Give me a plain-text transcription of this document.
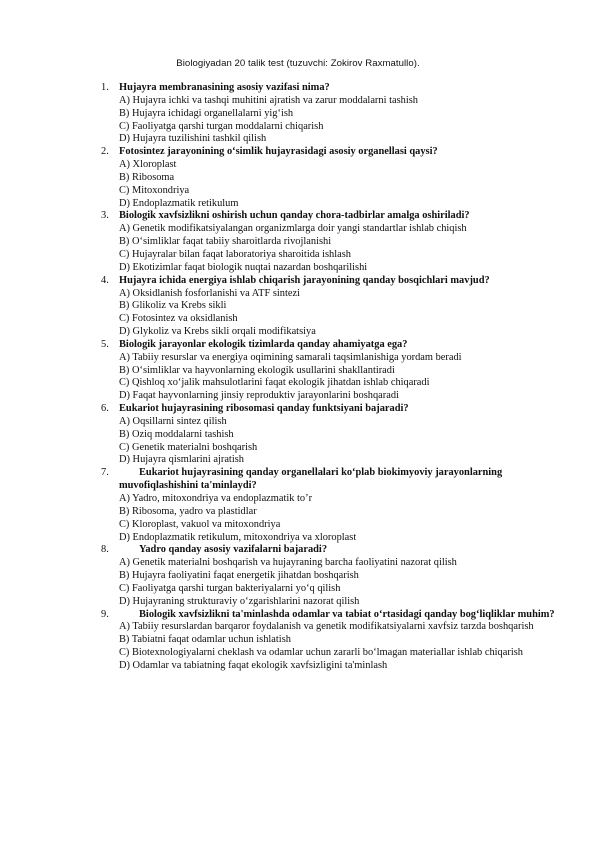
Biologiyadan 20 talik test (tuzuvchi: Zokirov Raxmatullo).
1. Hujayra membranasining asosiy vazifasi nima?
A) Hujayra ichki va tashqi muhitini ajratish va zarur moddalarni tashish
B) Hujayra ichidagi organellalarni yig‘ish
C) Faoliyatga qarshi turgan moddalarni chiqarish
D) Hujayra tuzilishini tashkil qilish
2. Fotosintez jarayonining o‘simlik hujayrasidagi asosiy organellasi qaysi?
A) Xloroplast
B) Ribosoma
C) Mitoxondriya
D) Endoplazmatik retikulum
3. Biologik xavfsizlikni oshirish uchun qanday chora-tadbirlar amalga oshiriladi?
A) Genetik modifikatsiyalangan organizmlarga doir yangi standartlar ishlab chiqish
B) O‘simliklar faqat tabiiy sharoitlarda rivojlanishi
C) Hujayralar bilan faqat laboratoriya sharoitida ishlash
D) Ekotizimlar faqat biologik nuqtai nazardan boshqarilishi
4. Hujayra ichida energiya ishlab chiqarish jarayonining qanday bosqichlari mavjud?
A) Oksidlanish fosforlanishi va ATF sintezi
B) Glikoliz va Krebs sikli
C) Fotosintez va oksidlanish
D) Glykoliz va Krebs sikli orqali modifikatsiya
5. Biologik jarayonlar ekologik tizimlarda qanday ahamiyatga ega?
A) Tabiiy resurslar va energiya oqimining samarali taqsimlanishiga yordam beradi
B) O‘simliklar va hayvonlarning ekologik usullarini shakllantiradi
C) Qishloq xo‘jalik mahsulotlarini faqat ekologik jihatdan ishlab chiqaradi
D) Faqat hayvonlarning jinsiy reproduktiv jarayonlarini boshqaradi
6. Eukariot hujayrasining ribosomasi qanday funktsiyani bajaradi?
A) Oqsillarni sintez qilish
B) Oziq moddalarni tashish
C) Genetik materialni boshqarish
D) Hujayra qismlarini ajratish
7.	Eukariot hujayrasining qanday organellalari ko‘plab biokimyoviy jarayonlarning muvofiqlashishini ta'minlaydi?
A) Yadro, mitoxondriya va endoplazmatik to’r
B) Ribosoma, yadro va plastidlar
C) Kloroplast, vakuol va mitoxondriya
D) Endoplazmatik retikulum, mitoxondriya va xloroplast
8.	Yadro qanday asosiy vazifalarni bajaradi?
A) Genetik materialni boshqarish va hujayraning barcha faoliyatini nazorat qilish
B) Hujayra faoliyatini faqat energetik jihatdan boshqarish
C) Faoliyatga qarshi turgan bakteriyalarni yo‘q qilish
D) Hujayraning strukturaviy o‘zgarishlarini nazorat qilish
9.	Biologik xavfsizlikni ta'minlashda odamlar va tabiat o‘rtasidagi qanday bog‘liqliklar muhim?
A) Tabiiy resurslardan barqaror foydalanish va genetik modifikatsiyalarni xavfsiz tarzda boshqarish
B) Tabiatni faqat odamlar uchun ishlatish
C) Biotexnologiyalarni cheklash va odamlar uchun zararli bo‘lmagan materiallar ishlab chiqarish
D) Odamlar va tabiatning faqat ekologik xavfsizligini ta'minlash
